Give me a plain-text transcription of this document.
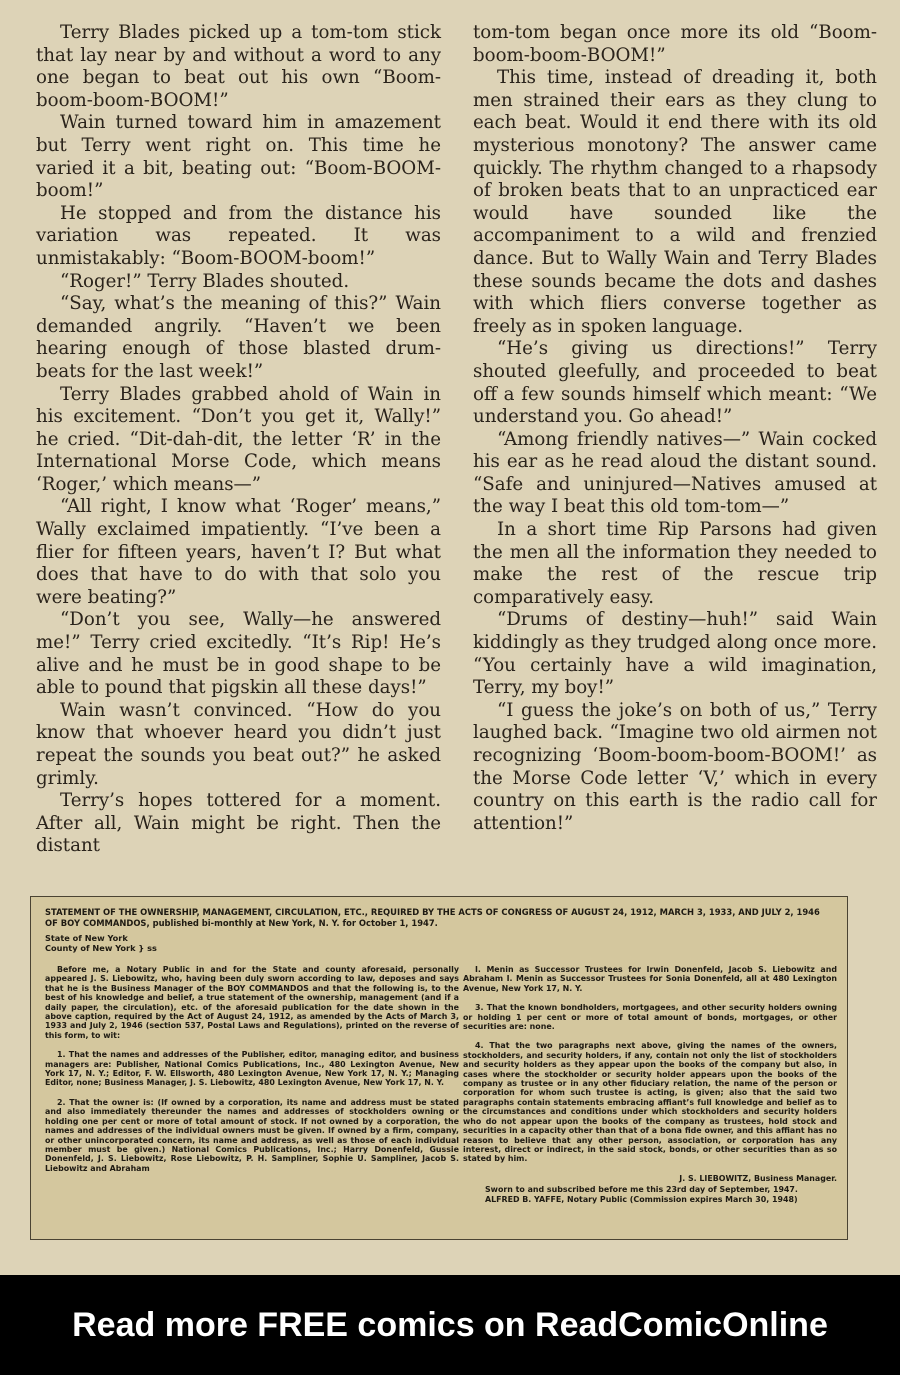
Terry Blades picked up a tom-tom stick that lay near by and without a word to any one began to beat out his own “Boom-boom-boom-BOOM!”

Wain turned toward him in amazement but Terry went right on. This time he varied it a bit, beating out: “Boom-BOOM-boom!”

He stopped and from the distance his variation was repeated. It was unmistakably: “Boom-BOOM-boom!”

“Roger!” Terry Blades shouted.

“Say, what’s the meaning of this?” Wain demanded angrily. “Haven’t we been hearing enough of those blasted drum-beats for the last week!”

Terry Blades grabbed ahold of Wain in his excitement. “Don’t you get it, Wally!” he cried. “Dit-dah-dit, the letter ‘R’ in the International Morse Code, which means ‘Roger,’ which means—”

“All right, I know what ‘Roger’ means,” Wally exclaimed impatiently. “I’ve been a flier for fifteen years, haven’t I? But what does that have to do with that solo you were beating?”

“Don’t you see, Wally—he answered me!” Terry cried excitedly. “It’s Rip! He’s alive and he must be in good shape to be able to pound that pigskin all these days!”

Wain wasn’t convinced. “How do you know that whoever heard you didn’t just repeat the sounds you beat out?” he asked grimly.

Terry’s hopes tottered for a moment. After all, Wain might be right. Then the distant

tom-tom began once more its old “Boom-boom-boom-BOOM!”

This time, instead of dreading it, both men strained their ears as they clung to each beat. Would it end there with its old mysterious monotony? The answer came quickly. The rhythm changed to a rhapsody of broken beats that to an unpracticed ear would have sounded like the accompaniment to a wild and frenzied dance. But to Wally Wain and Terry Blades these sounds became the dots and dashes with which fliers converse together as freely as in spoken language.

“He’s giving us directions!” Terry shouted gleefully, and proceeded to beat off a few sounds himself which meant: “We understand you. Go ahead!”

“Among friendly natives—” Wain cocked his ear as he read aloud the distant sound. “Safe and uninjured—Natives amused at the way I beat this old tom-tom—”

In a short time Rip Parsons had given the men all the information they needed to make the rest of the rescue trip comparatively easy.

“Drums of destiny—huh!” said Wain kiddingly as they trudged along once more. “You certainly have a wild imagination, Terry, my boy!”

“I guess the joke’s on both of us,” Terry laughed back. “Imagine two old airmen not recognizing ‘Boom-boom-boom-BOOM!’ as the Morse Code letter ‘V,’ which in every country on this earth is the radio call for attention!”

STATEMENT OF THE OWNERSHIP, MANAGEMENT, CIRCULATION, ETC., REQUIRED BY THE ACTS OF CONGRESS OF AUGUST 24, 1912, MARCH 3, 1933, AND JULY 2, 1946 OF BOY COMMANDOS, published bi-monthly at New York, N. Y. for October 1, 1947.
State of New York
County of New York } ss

Before me, a Notary Public in and for the State and county aforesaid, personally appeared J. S. Liebowitz, who, having been duly sworn according to law, deposes and says that he is the Business Manager of the BOY COMMANDOS and that the following is, to the best of his knowledge and belief, a true statement of the ownership, management (and if a daily paper, the circulation), etc. of the aforesaid publication for the date shown in the above caption, required by the Act of August 24, 1912, as amended by the Acts of March 3, 1933 and July 2, 1946 (section 537, Postal Laws and Regulations), printed on the reverse of this form, to wit:

1. That the names and addresses of the Publisher, editor, managing editor, and business managers are: Publisher, National Comics Publications, Inc., 480 Lexington Avenue, New York 17, N. Y.; Editor, F. W. Ellsworth, 480 Lexington Avenue, New York 17, N. Y.; Managing Editor, none; Business Manager, J. S. Liebowitz, 480 Lexington Avenue, New York 17, N. Y.

2. That the owner is: (If owned by a corporation, its name and address must be stated and also immediately thereunder the names and addresses of stockholders owning or holding one per cent or more of total amount of stock. If not owned by a corporation, the names and addresses of the individual owners must be given. If owned by a firm, company, or other unincorporated concern, its name and address, as well as those of each individual member must be given.) National Comics Publications, Inc.; Harry Donenfeld, Gussie Donenfeld, J. S. Liebowitz, Rose Liebowitz, P. H. Sampliner, Sophie U. Sampliner, Jacob S. Liebowitz and Abraham

I. Menin as Successor Trustees for Irwin Donenfeld, Jacob S. Liebowitz and Abraham I. Menin as Successor Trustees for Sonia Donenfeld, all at 480 Lexington Avenue, New York 17, N. Y.

3. That the known bondholders, mortgagees, and other security holders owning or holding 1 per cent or more of total amount of bonds, mortgages, or other securities are: none.

4. That the two paragraphs next above, giving the names of the owners, stockholders, and security holders, if any, contain not only the list of stockholders and security holders as they appear upon the books of the company but also, in cases where the stockholder or security holder appears upon the books of the company as trustee or in any other fiduciary relation, the name of the person or corporation for whom such trustee is acting, is given; also that the said two paragraphs contain statements embracing affiant’s full knowledge and belief as to the circumstances and conditions under which stockholders and security holders who do not appear upon the books of the company as trustees, hold stock and securities in a capacity other than that of a bona fide owner, and this affiant has no reason to believe that any other person, association, or corporation has any interest, direct or indirect, in the said stock, bonds, or other securities than as so stated by him.

J. S. LIEBOWITZ, Business Manager.

Sworn to and subscribed before me this 23rd day of September, 1947.

ALFRED B. YAFFE, Notary Public (Commission expires March 30, 1948)

Read more FREE comics on ReadComicOnline
